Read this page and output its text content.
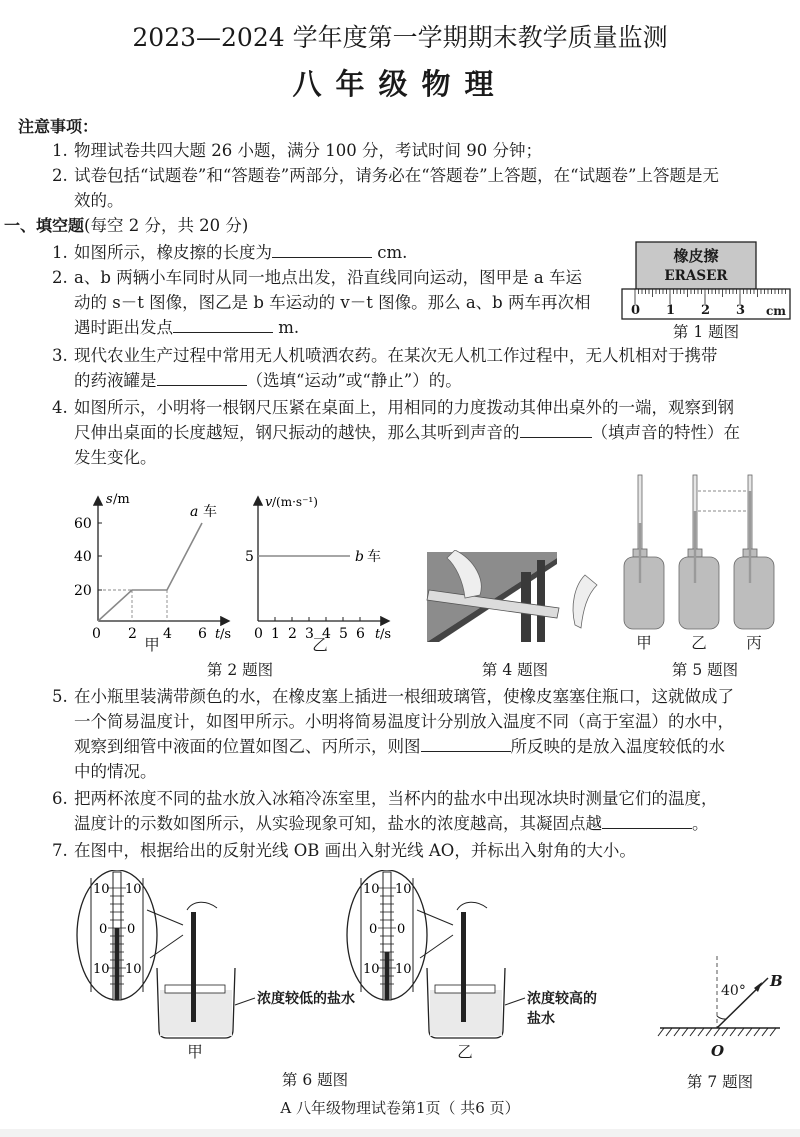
2023—2024 学年度第一学期期末教学质量监测
八年级物理
注意事项：
1. 物理试卷共四大题 26 小题，满分 100 分，考试时间 90 分钟；
2. 试卷包括“试题卷”和“答题卷”两部分，请务必在“答题卷”上答题，在“试题卷”上答题是无
效的。
一、填空题(每空 2 分，共 20 分)
1. 如图所示，橡皮擦的长度为	cm.
2. a、b 两辆小车同时从同一地点出发，沿直线同向运动，图甲是 a 车运
动的 s－t 图像，图乙是 b 车运动的 v－t 图像。那么 a、b 两车再次相
遇时距出发点	m.
橡皮擦
ERASER
0 1 2 3 cm
第 1 题图
3. 现代农业生产过程中常用无人机喷洒农药。在某次无人机工作过程中，无人机相对于携带
的药液罐是	（选填“运动”或“静止”）的。
4. 如图所示，小明将一根钢尺压紧在桌面上，用相同的力度拨动其伸出桌外的一端，观察到钢
尺伸出桌面的长度越短，钢尺振动的越快，那么其听到声音的	（填声音的特性）在
发生变化。
s /m
a 车
60
40
20
0 2 4 6 t /s
v /(m·s⁻¹)
5	b 车
0 1 2 3 4 5 6 t /s
甲	乙
第 2 题图	第 4 题图
甲	乙	丙
第 5 题图
5. 在小瓶里装满带颜色的水，在橡皮塞上插进一根细玻璃管，使橡皮塞塞住瓶口，这就做成了
一个简易温度计，如图甲所示。小明将简易温度计分别放入温度不同（高于室温）的水中，
观察到细管中液面的位置如图乙、丙所示，则图	所反映的是放入温度较低的水
中的情况。
6. 把两杯浓度不同的盐水放入冰箱冷冻室里，当杯内的盐水中出现冰块时测量它们的温度，
温度计的示数如图所示，从实验现象可知，盐水的浓度越高，其凝固点越	。
7. 在图中，根据给出的反射光线 OB 画出入射光线 AO，并标出入射角的大小。
10 10
0 0
10 10
10 10
0 0
10 10
浓度较低的盐水	浓度较高的盐水
甲	乙
第 6 题图
40°
B
O
第 7 题图
A 八年级物理试卷第1页（ 共6 页）
